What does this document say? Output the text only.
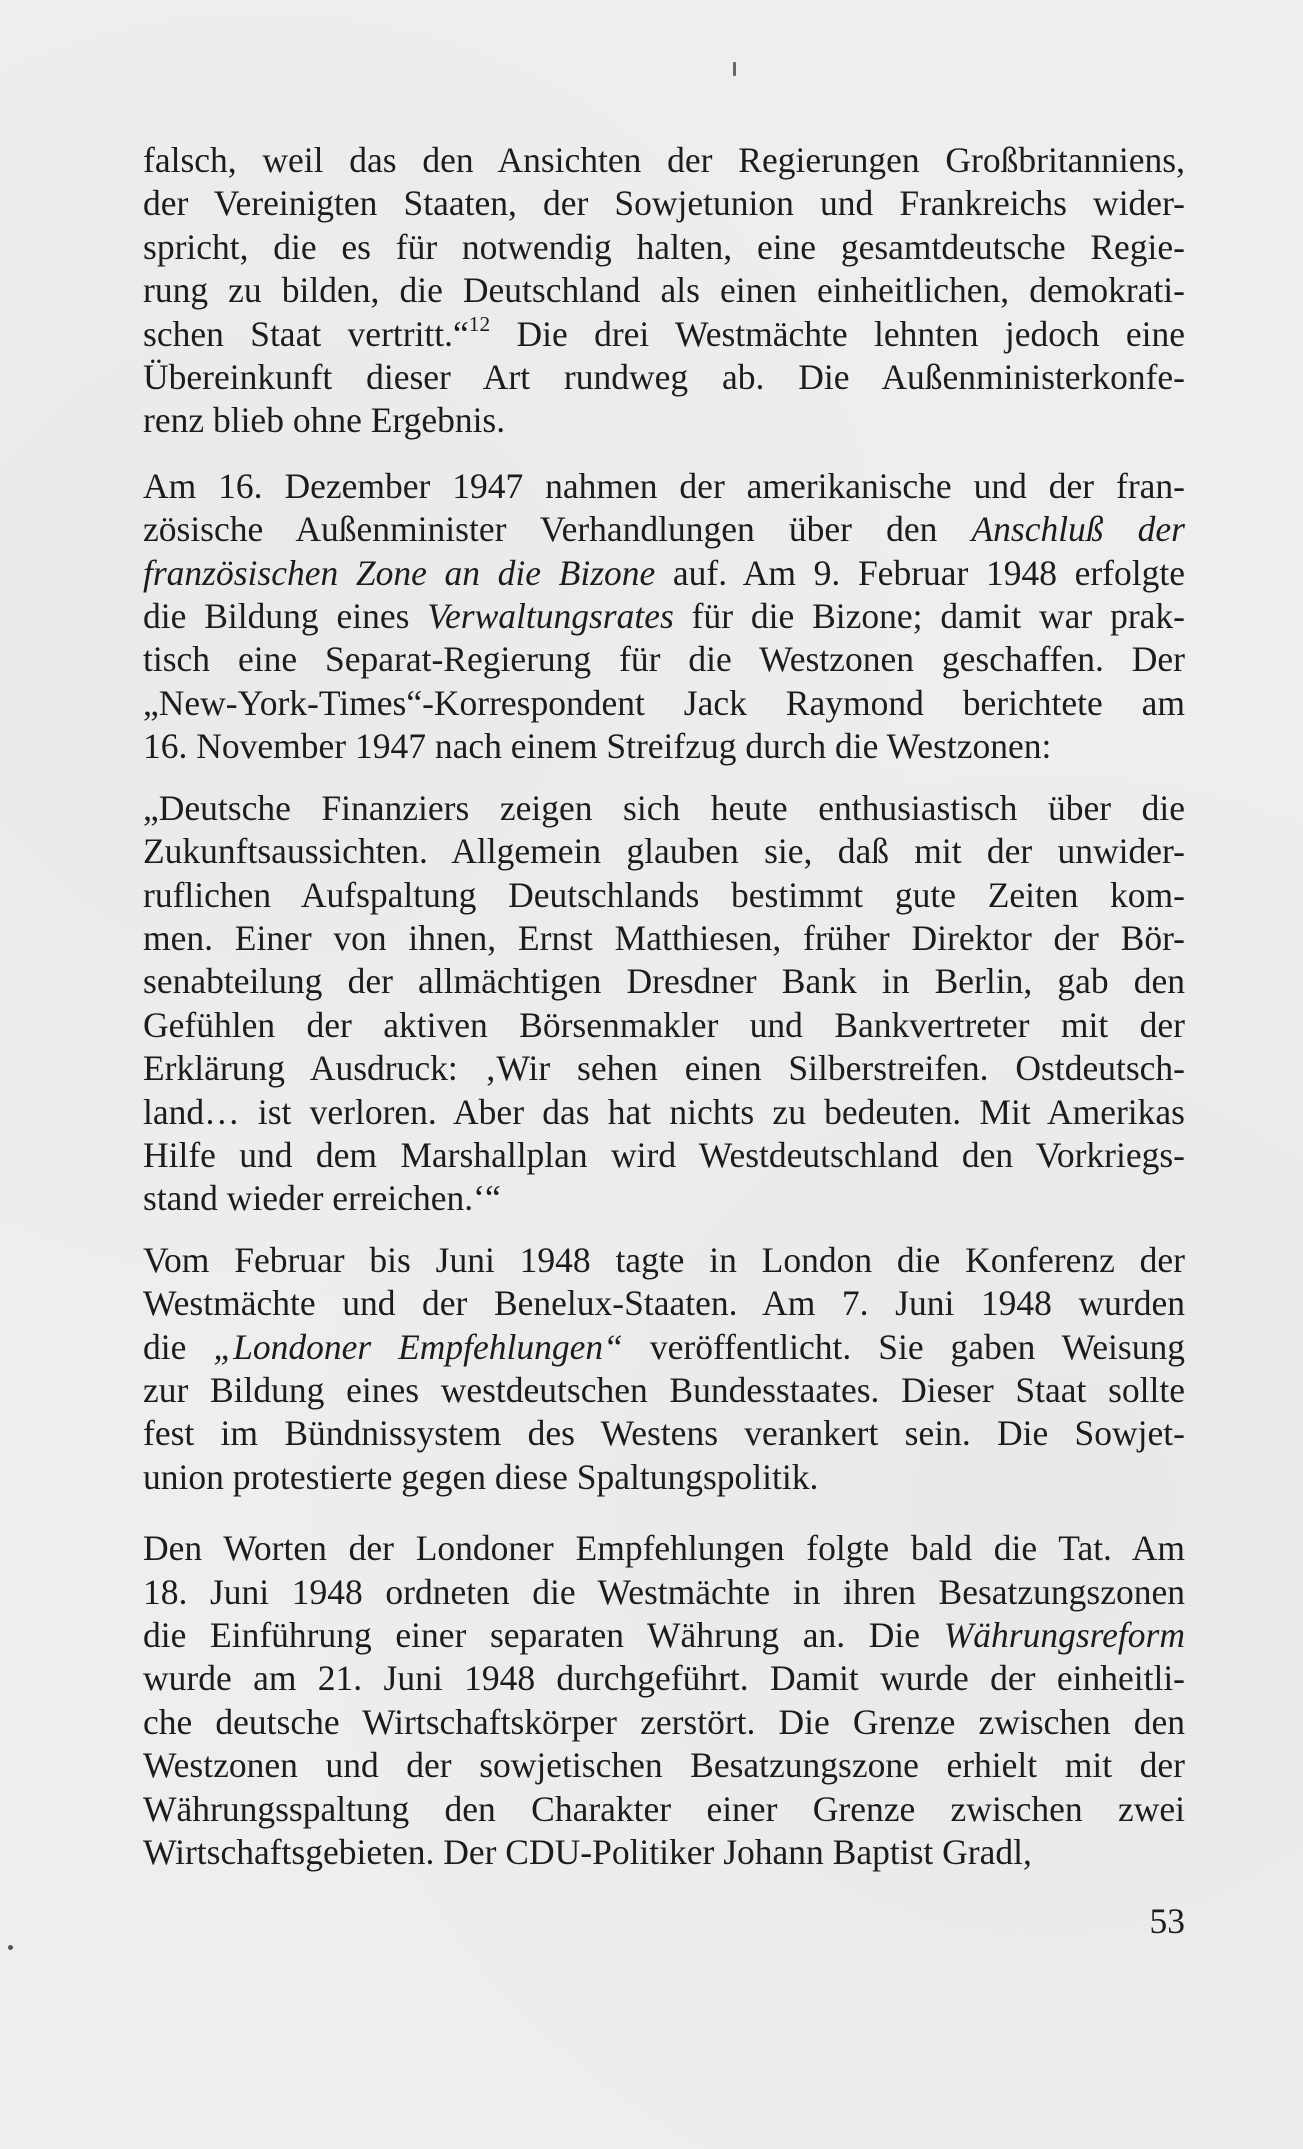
falsch, weil das den Ansichten der Regierungen Großbritanniens,
der Vereinigten Staaten, der Sowjetunion und Frankreichs wider-
spricht, die es für notwendig halten, eine gesamtdeutsche Regie-
rung zu bilden, die Deutschland als einen einheitlichen, demokrati-
schen Staat vertritt.“$^{12}$ Die drei Westmächte lehnten jedoch eine
Übereinkunft dieser Art rundweg ab. Die Außenministerkonfe-
renz blieb ohne Ergebnis.
Am 16. Dezember 1947 nahmen der amerikanische und der fran-
zösische Außenminister Verhandlungen über den Anschluß der
französischen Zone an die Bizone auf. Am 9. Februar 1948 erfolgte
die Bildung eines Verwaltungsrates für die Bizone; damit war prak-
tisch eine Separat-Regierung für die Westzonen geschaffen. Der
„New-York-Times“-Korrespondent Jack Raymond berichtete am
16. November 1947 nach einem Streifzug durch die Westzonen:
„Deutsche Finanziers zeigen sich heute enthusiastisch über die
Zukunftsaussichten. Allgemein glauben sie, daß mit der unwider-
ruflichen Aufspaltung Deutschlands bestimmt gute Zeiten kom-
men. Einer von ihnen, Ernst Matthiesen, früher Direktor der Bör-
senabteilung der allmächtigen Dresdner Bank in Berlin, gab den
Gefühlen der aktiven Börsenmakler und Bankvertreter mit der
Erklärung Ausdruck: ‚Wir sehen einen Silberstreifen. Ostdeutsch-
land… ist verloren. Aber das hat nichts zu bedeuten. Mit Amerikas
Hilfe und dem Marshallplan wird Westdeutschland den Vorkriegs-
stand wieder erreichen.‘“
Vom Februar bis Juni 1948 tagte in London die Konferenz der
Westmächte und der Benelux-Staaten. Am 7. Juni 1948 wurden
die „Londoner Empfehlungen“ veröffentlicht. Sie gaben Weisung
zur Bildung eines westdeutschen Bundesstaates. Dieser Staat sollte
fest im Bündnissystem des Westens verankert sein. Die Sowjet-
union protestierte gegen diese Spaltungspolitik.
Den Worten der Londoner Empfehlungen folgte bald die Tat. Am
18. Juni 1948 ordneten die Westmächte in ihren Besatzungszonen
die Einführung einer separaten Währung an. Die Währungsreform
wurde am 21. Juni 1948 durchgeführt. Damit wurde der einheitli-
che deutsche Wirtschaftskörper zerstört. Die Grenze zwischen den
Westzonen und der sowjetischen Besatzungszone erhielt mit der
Währungsspaltung den Charakter einer Grenze zwischen zwei
Wirtschaftsgebieten. Der CDU-Politiker Johann Baptist Gradl,
53
